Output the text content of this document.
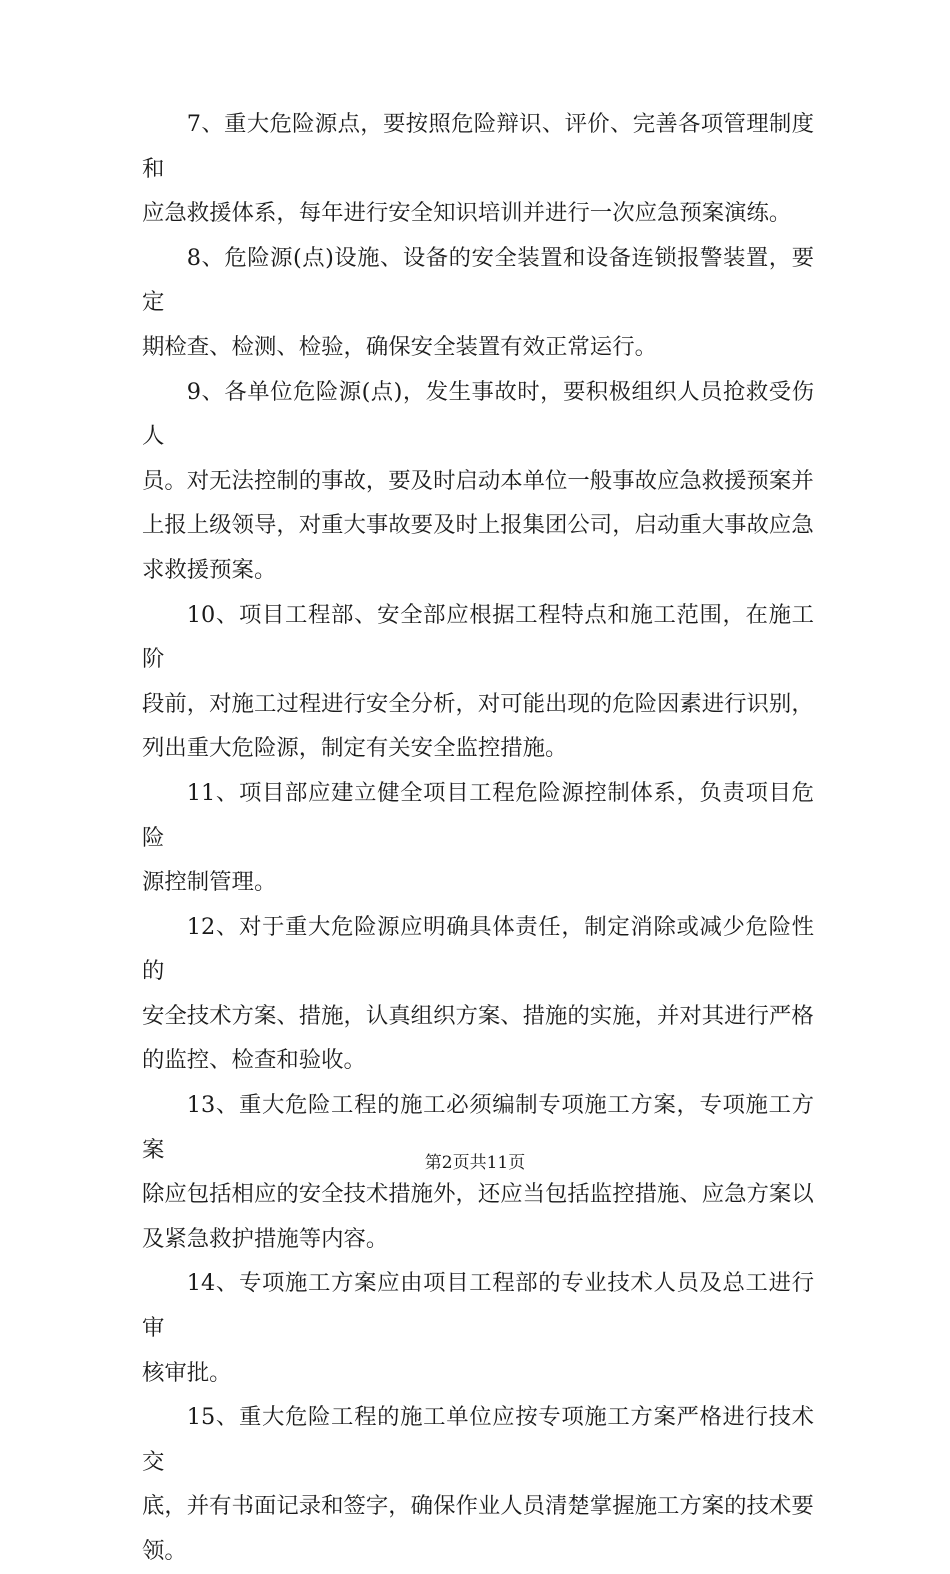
7、重大危险源点，要按照危险辩识、评价、完善各项管理制度和
应急救援体系，每年进行安全知识培训并进行一次应急预案演练。

8、危险源(点)设施、设备的安全装置和设备连锁报警装置，要定
期检查、检测、检验，确保安全装置有效正常运行。

9、各单位危险源(点)，发生事故时，要积极组织人员抢救受伤人
员。对无法控制的事故，要及时启动本单位一般事故应急救援预案并
上报上级领导，对重大事故要及时上报集团公司，启动重大事故应急
求救援预案。

10、项目工程部、安全部应根据工程特点和施工范围，在施工阶
段前，对施工过程进行安全分析，对可能出现的危险因素进行识别，
列出重大危险源，制定有关安全监控措施。

11、项目部应建立健全项目工程危险源控制体系，负责项目危险
源控制管理。

12、对于重大危险源应明确具体责任，制定消除或减少危险性的
安全技术方案、措施，认真组织方案、措施的实施，并对其进行严格
的监控、检查和验收。

13、重大危险工程的施工必须编制专项施工方案，专项施工方案
除应包括相应的安全技术措施外，还应当包括监控措施、应急方案以
及紧急救护措施等内容。

14、专项施工方案应由项目工程部的专业技术人员及总工进行审
核审批。

15、重大危险工程的施工单位应按专项施工方案严格进行技术交
底，并有书面记录和签字，确保作业人员清楚掌握施工方案的技术要
领。

第2页共11页
